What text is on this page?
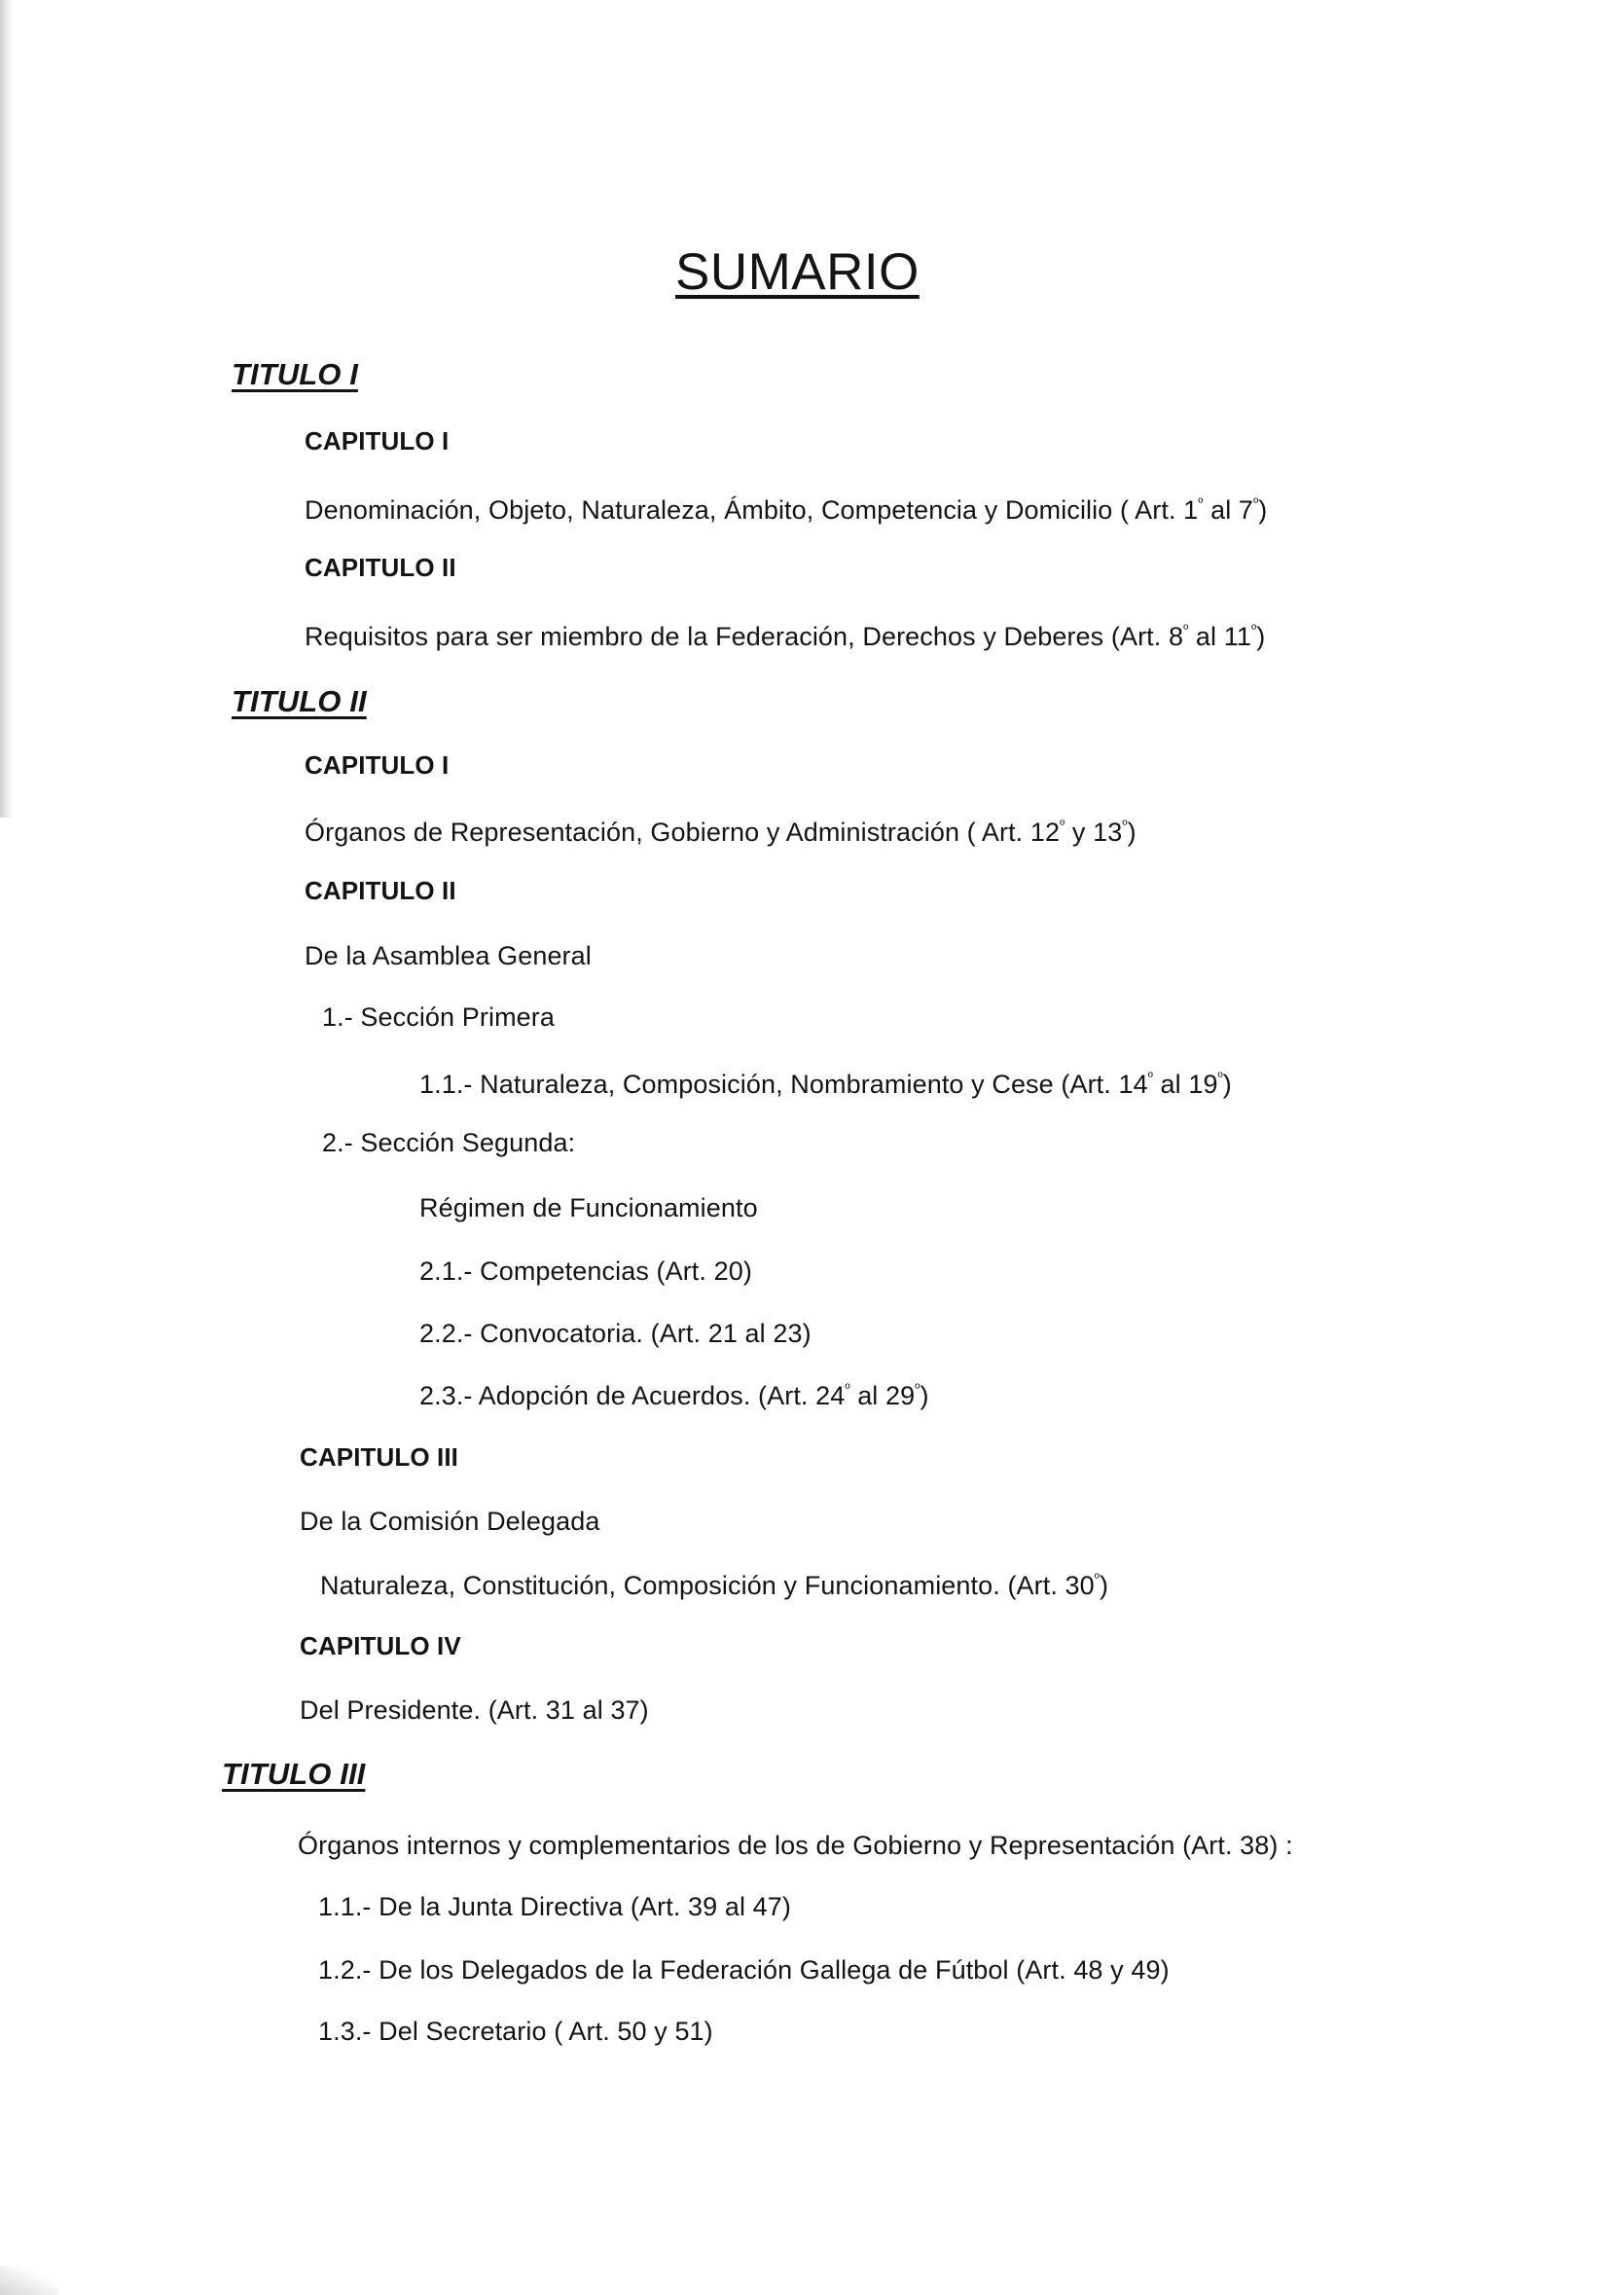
SUMARIO
TITULO I
CAPITULO I
Denominación, Objeto, Naturaleza, Ámbito, Competencia y Domicilio ( Art. $1^º$ al $7^º$)
CAPITULO II
Requisitos para ser miembro de la Federación, Derechos y Deberes (Art. $8^º$ al $11^º$)
TITULO II
CAPITULO I
Órganos de Representación, Gobierno y Administración ( Art. $12^º$ y $13^º$)
CAPITULO II
De la Asamblea General
1.- Sección Primera
1.1.- Naturaleza, Composición, Nombramiento y Cese (Art. $14^º$ al $19^º$)
2.- Sección Segunda:
Régimen de Funcionamiento
2.1.- Competencias (Art. 20)
2.2.- Convocatoria. (Art. 21 al 23)
2.3.- Adopción de Acuerdos. (Art. $24^º$ al $29^º$)
CAPITULO III
De la Comisión Delegada
Naturaleza, Constitución, Composición y Funcionamiento. (Art. $30^º$)
CAPITULO IV
Del Presidente. (Art. 31 al 37)
TITULO III
Órganos internos y complementarios de los de Gobierno y Representación (Art. 38) :
1.1.- De la Junta Directiva (Art. 39 al 47)
1.2.- De los Delegados de la Federación Gallega de Fútbol (Art. 48 y 49)
1.3.- Del Secretario ( Art. 50 y 51)
